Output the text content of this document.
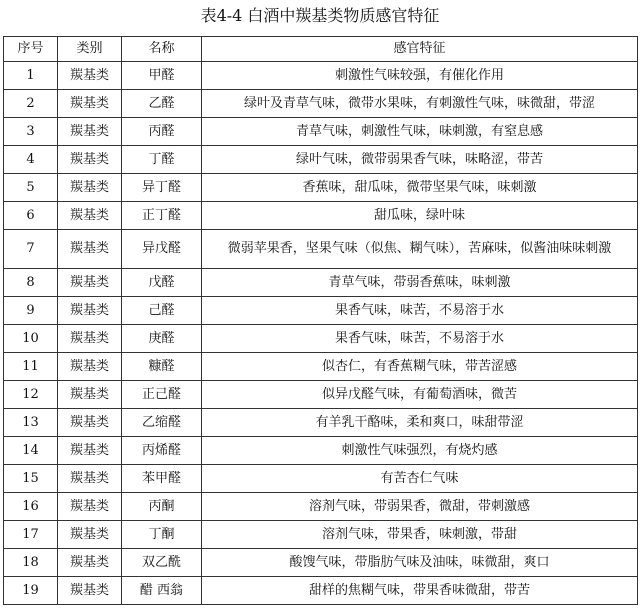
表4-4 白酒中羰基类物质感官特征
序号	类别	名称	感官特征
1	羰基类	甲醛	刺激性气味较强，有催化作用
2	羰基类	乙醛	绿叶及青草气味，微带水果味，有刺激性气味，味微甜，带涩
3	羰基类	丙醛	青草气味，刺激性气味，味刺激，有窒息感
4	羰基类	丁醛	绿叶气味，微带弱果香气味，味略涩，带苦
5	羰基类	异丁醛	香蕉味，甜瓜味，微带坚果气味，味刺激
6	羰基类	正丁醛	甜瓜味，绿叶味
7	羰基类	异戊醛	微弱苹果香，坚果气味（似焦、糊气味），苦麻味，似酱油味味刺激
8	羰基类	戊醛	青草气味，带弱香蕉味，味刺激
9	羰基类	己醛	果香气味，味苦，不易溶于水
10	羰基类	庚醛	果香气味，味苦，不易溶于水
11	羰基类	糠醛	似杏仁，有香蕉糊气味，带苦涩感
12	羰基类	正己醛	似异戊醛气味，有葡萄酒味，微苦
13	羰基类	乙缩醛	有羊乳干酪味，柔和爽口，味甜带涩
14	羰基类	丙烯醛	刺激性气味强烈，有烧灼感
15	羰基类	苯甲醛	有苦杏仁气味
16	羰基类	丙酮	溶剂气味，带弱果香，微甜，带刺激感
17	羰基类	丁酮	溶剂气味，带果香，味刺激，带甜
18	羰基类	双乙酰	酸馊气味，带脂肪气味及油味，味微甜，爽口
19	羰基类	醋 西翁	甜样的焦糊气味，带果香味微甜，带苦
